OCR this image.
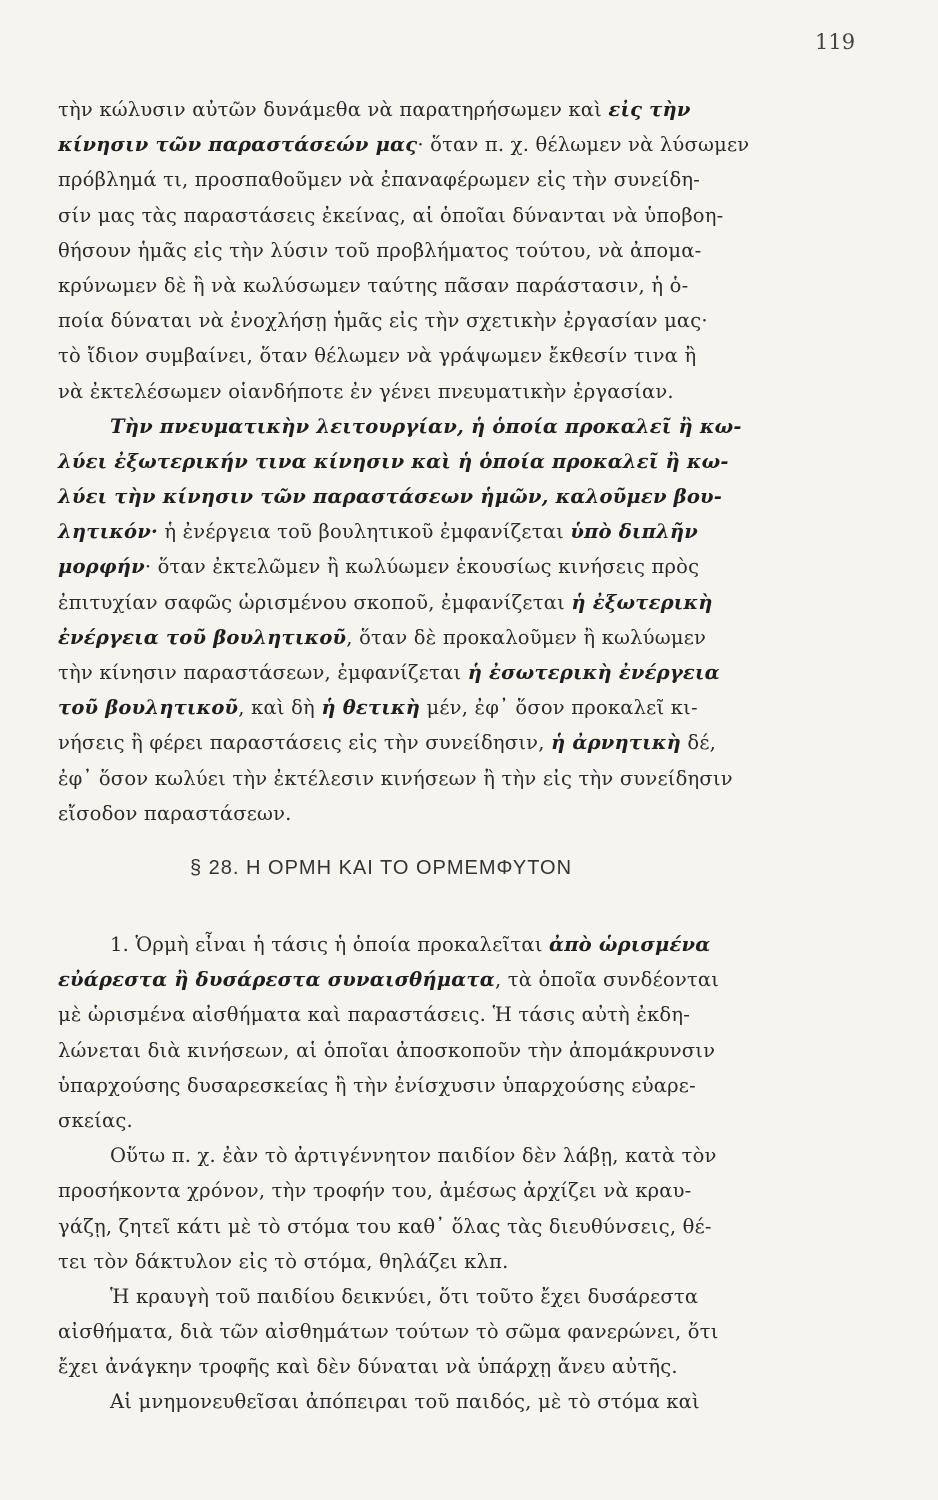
119
τὴν κώλυσιν αὐτῶν δυνάμεθα νὰ παρατηρήσωμεν καὶ εἰς τὴν
κίνησιν τῶν παραστάσεών μας· ὅταν π. χ. θέλωμεν νὰ λύσωμεν
πρόβλημά τι, προσπαθοῦμεν νὰ ἐπαναφέρωμεν εἰς τὴν συνείδη-
σίν μας τὰς παραστάσεις ἐκείνας, αἱ ὁποῖαι δύνανται νὰ ὑποβοη-
θήσουν ἡμᾶς εἰς τὴν λύσιν τοῦ προβλήματος τούτου, νὰ ἀπομα-
κρύνωμεν δὲ ἢ νὰ κωλύσωμεν ταύτης πᾶσαν παράστασιν, ἡ ὁ-
ποία δύναται νὰ ἐνοχλήσῃ ἡμᾶς εἰς τὴν σχετικὴν ἐργασίαν μας·
τὸ ἴδιον συμβαίνει, ὅταν θέλωμεν νὰ γράψωμεν ἔκθεσίν τινα ἢ
νὰ ἐκτελέσωμεν οἱανδήποτε ἐν γένει πνευματικὴν ἐργασίαν.
Τὴν πνευματικὴν λειτουργίαν, ἡ ὁποία προκαλεῖ ἢ κω-
λύει ἐξωτερικήν τινα κίνησιν καὶ ἡ ὁποία προκαλεῖ ἢ κω-
λύει τὴν κίνησιν τῶν παραστάσεων ἡμῶν, καλοῦμεν βου-
λητικόν· ἡ ἐνέργεια τοῦ βουλητικοῦ ἐμφανίζεται ὑπὸ διπλῆν
μορφήν· ὅταν ἐκτελῶμεν ἢ κωλύωμεν ἑκουσίως κινήσεις πρὸς
ἐπιτυχίαν σαφῶς ὡρισμένου σκοποῦ, ἐμφανίζεται ἡ ἐξωτερικὴ
ἐνέργεια τοῦ βουλητικοῦ, ὅταν δὲ προκαλοῦμεν ἢ κωλύωμεν
τὴν κίνησιν παραστάσεων, ἐμφανίζεται ἡ ἐσωτερικὴ ἐνέργεια
τοῦ βουλητικοῦ, καὶ δὴ ἡ θετικὴ μέν, ἐφ᾽ ὅσον προκαλεῖ κι-
νήσεις ἢ φέρει παραστάσεις εἰς τὴν συνείδησιν, ἡ ἀρνητικὴ δέ,
ἐφ᾽ ὅσον κωλύει τὴν ἐκτέλεσιν κινήσεων ἢ τὴν εἰς τὴν συνείδησιν
εἴσοδον παραστάσεων.
§ 28. Η ΟΡΜΗ ΚΑΙ ΤΟ ΟΡΜΕΜΦΥΤΟΝ
1. Ὁρμὴ εἶναι ἡ τάσις ἡ ὁποία προκαλεῖται ἀπὸ ὡρισμένα
εὐάρεστα ἢ δυσάρεστα συναισθήματα, τὰ ὁποῖα συνδέονται
μὲ ὡρισμένα αἰσθήματα καὶ παραστάσεις. Ἡ τάσις αὐτὴ ἐκδη-
λώνεται διὰ κινήσεων, αἱ ὁποῖαι ἀποσκοποῦν τὴν ἀπομάκρυνσιν
ὑπαρχούσης δυσαρεσκείας ἢ τὴν ἐνίσχυσιν ὑπαρχούσης εὐαρε-
σκείας.
Οὕτω π. χ. ἐὰν τὸ ἀρτιγέννητον παιδίον δὲν λάβῃ, κατὰ τὸν
προσήκοντα χρόνον, τὴν τροφήν του, ἀμέσως ἀρχίζει νὰ κραυ-
γάζῃ, ζητεῖ κάτι μὲ τὸ στόμα του καθ᾽ ὅλας τὰς διευθύνσεις, θέ-
τει τὸν δάκτυλον εἰς τὸ στόμα, θηλάζει κλπ.
Ἡ κραυγὴ τοῦ παιδίου δεικνύει, ὅτι τοῦτο ἔχει δυσάρεστα
αἰσθήματα, διὰ τῶν αἰσθημάτων τούτων τὸ σῶμα φανερώνει, ὅτι
ἔχει ἀνάγκην τροφῆς καὶ δὲν δύναται νὰ ὑπάρχῃ ἄνευ αὐτῆς.
Αἱ μνημονευθεῖσαι ἀπόπειραι τοῦ παιδός, μὲ τὸ στόμα καὶ
